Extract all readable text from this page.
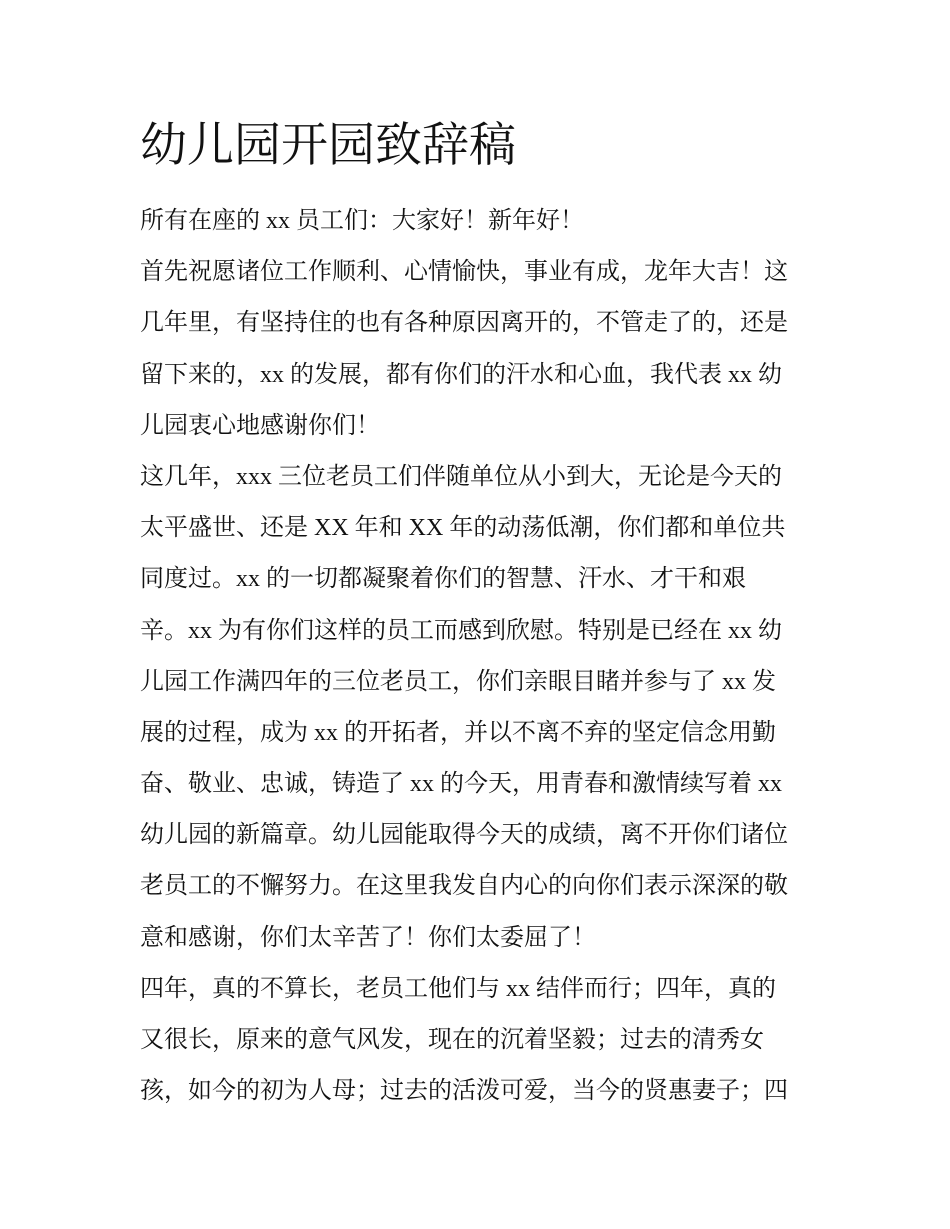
幼儿园开园致辞稿
所有在座的 xx 员工们：大家好！新年好！
首先祝愿诸位工作顺利、心情愉快，事业有成，龙年大吉！这
几年里，有坚持住的也有各种原因离开的，不管走了的，还是
留下来的，xx 的发展，都有你们的汗水和心血，我代表 xx 幼
儿园衷心地感谢你们！
这几年，xxx 三位老员工们伴随单位从小到大，无论是今天的
太平盛世、还是 XX 年和 XX 年的动荡低潮，你们都和单位共
同度过。xx 的一切都凝聚着你们的智慧、汗水、才干和艰
辛。xx 为有你们这样的员工而感到欣慰。特别是已经在 xx 幼
儿园工作满四年的三位老员工，你们亲眼目睹并参与了 xx 发
展的过程，成为 xx 的开拓者，并以不离不弃的坚定信念用勤
奋、敬业、忠诚，铸造了 xx 的今天，用青春和激情续写着 xx
幼儿园的新篇章。幼儿园能取得今天的成绩，离不开你们诸位
老员工的不懈努力。在这里我发自内心的向你们表示深深的敬
意和感谢，你们太辛苦了！你们太委屈了！
四年，真的不算长，老员工他们与 xx 结伴而行；四年，真的
又很长，原来的意气风发，现在的沉着坚毅；过去的清秀女
孩，如今的初为人母；过去的活泼可爱，当今的贤惠妻子；四
